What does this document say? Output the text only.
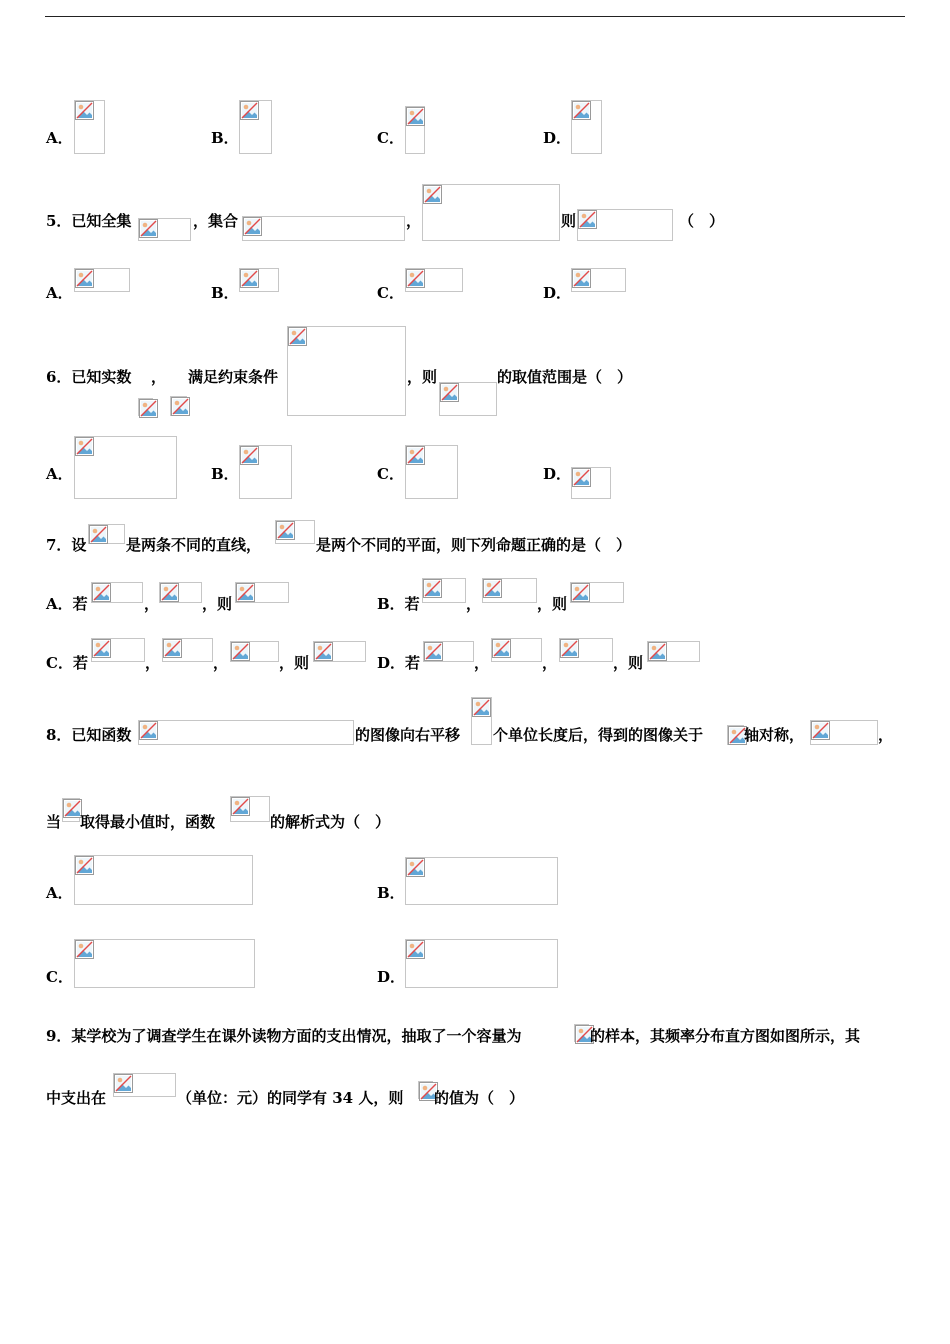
A．	B．	C．	D．
5．已知全集	，集合	，	则	（　）
A．	B．	C．	D．
6．已知实数 ， 满足约束条件	，则	的取值范围是（　）
A．	B．	C．	D．
7．设	是两条不同的直线，	是两个不同的平面，则下列命题正确的是（　）
A．若	，	，则	B．若	，	，则
C．若	，	，	，则	D．若	，	，	，则
8．已知函数	的图像向右平移 个单位长度后，得到的图像关于	轴对称，	，
当 取得最小值时，函数	的解析式为（　）
A．	B．
C．	D．
9．某学校为了调查学生在课外读物方面的支出情况，抽取了一个容量为	的样本，其频率分布直方图如图所示，其
中支出在	（单位：元）的同学有 34 人，则 的值为（　）
